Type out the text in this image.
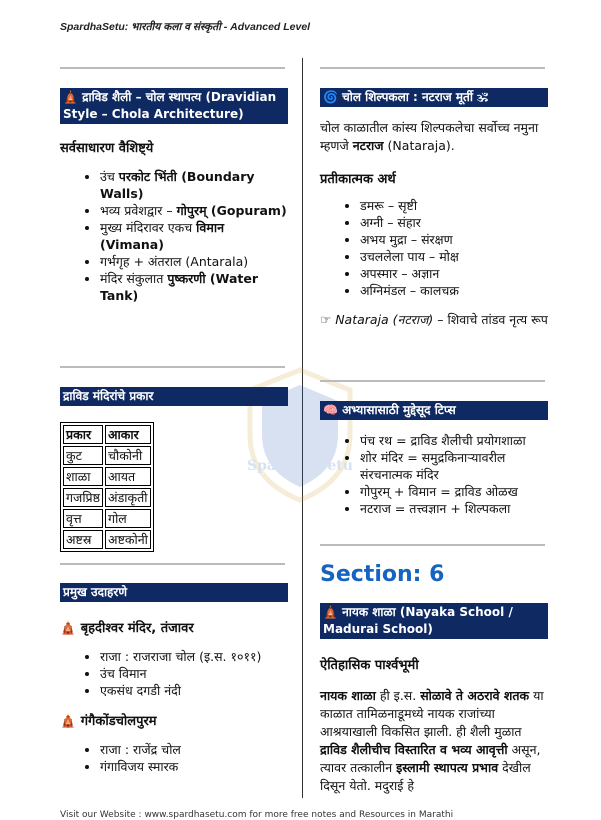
SpardhaSetu: भारतीय कला व संस्कृती - Advanced Level
Spardha Setu
🛕 द्राविड शैली – चोल स्थापत्य (Dravidian Style – Chola Architecture)

सर्वसाधारण वैशिष्ट्ये

• उंच परकोट भिंती (Boundary Walls)
• भव्य प्रवेशद्वार – गोपुरम् (Gopuram)
• मुख्य मंदिरावर एकच विमान (Vimana)
• गर्भगृह + अंतराल (Antarala)
• मंदिर संकुलात पुष्करणी (Water Tank)
द्राविड मंदिरांचे प्रकार
प्रकार	आकार
कुट	चौकोनी
शाळा	आयत
गजप्रिष्ठ	अंडाकृती
वृत्त	गोल
अष्टस्र	अष्टकोनी
प्रमुख उदाहरणे

🛕 बृहदीश्वर मंदिर, तंजावर

• राजा : राजराजा चोल (इ.स. १०११)
• उंच विमान
• एकसंध दगडी नंदी

🛕 गंगैकोंडचोलपुरम

• राजा : राजेंद्र चोल
• गंगाविजय स्मारक
🌀 चोल शिल्पकला : नटराज मूर्ती 🕉

चोल काळातील कांस्य शिल्पकलेचा सर्वोच्च नमुना म्हणजे नटराज (Nataraja).

प्रतीकात्मक अर्थ

• डमरू – सृष्टी
• अग्नी – संहार
• अभय मुद्रा – संरक्षण
• उचललेला पाय – मोक्ष
• अपस्मार – अज्ञान
• अग्निमंडल – कालचक्र

☞ Nataraja (नटराज) – शिवाचे तांडव नृत्य रूप

🧠 अभ्यासासाठी मुद्देसूद टिप्स
• पंच रथ = द्राविड शैलीची प्रयोगशाळा
• शोर मंदिर = समुद्रकिनाऱ्यावरील संरचनात्मक मंदिर
• गोपुरम् + विमान = द्राविड ओळख
• नटराज = तत्त्वज्ञान + शिल्पकला
Section: 6
🛕 नायक शाळा (Nayaka School / Madurai School)

ऐतिहासिक पार्श्वभूमी

नायक शाळा ही इ.स. सोळावे ते अठरावे शतक या काळात तामिळनाडूमध्ये नायक राजांच्या आश्रयाखाली विकसित झाली. ही शैली मुळात द्राविड शैलीचीच विस्तारित व भव्य आवृत्ती असून, त्यावर तत्कालीन इस्लामी स्थापत्य प्रभाव देखील दिसून येतो. मदुराई हे

Visit our Website : www.spardhasetu.com for more free notes and Resources in Marathi
